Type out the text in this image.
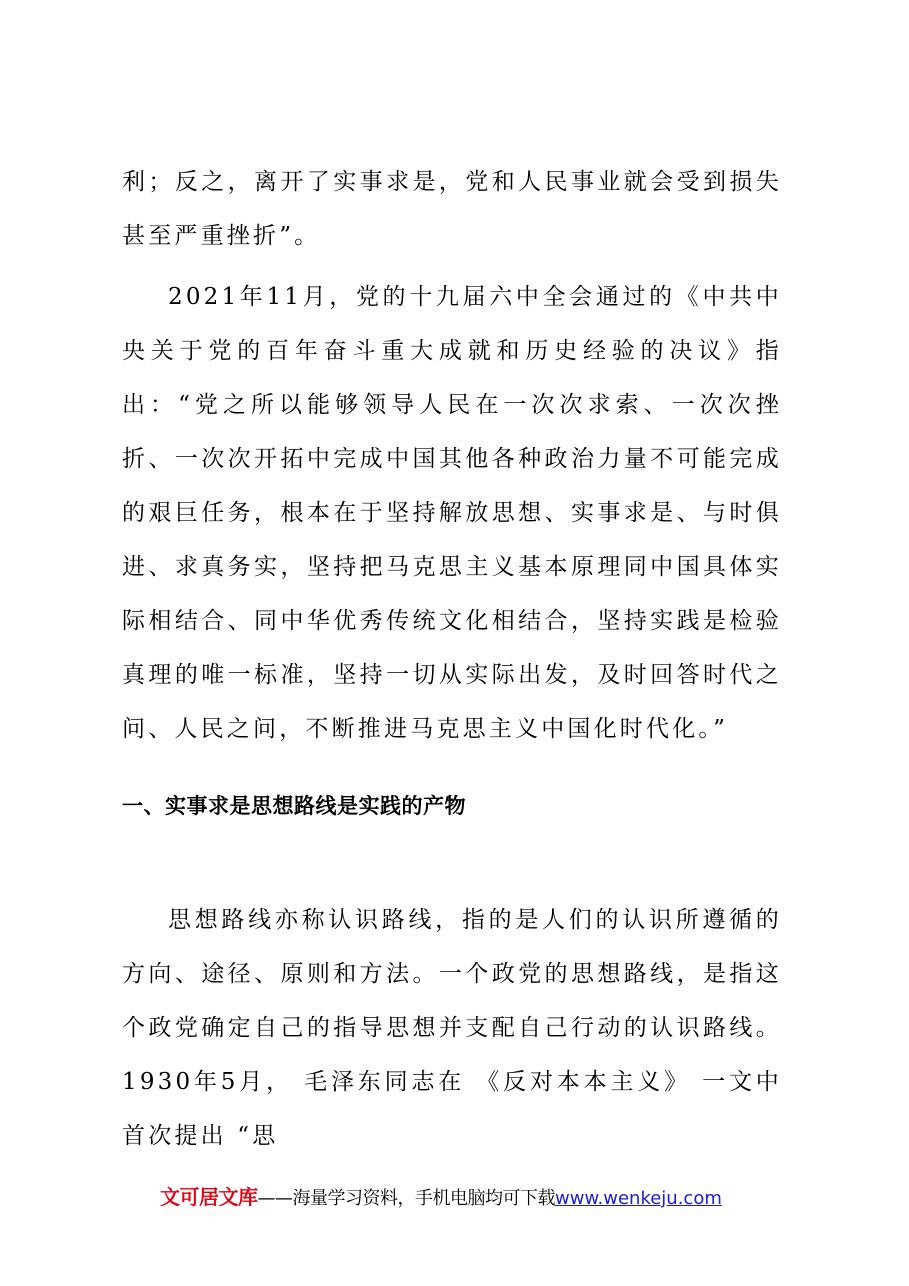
利；反之，离开了实事求是，党和人民事业就会受到损失甚至严重挫折”。

2021年11月，党的十九届六中全会通过的《中共中央关于党的百年奋斗重大成就和历史经验的决议》指出：“党之所以能够领导人民在一次次求索、一次次挫折、一次次开拓中完成中国其他各种政治力量不可能完成的艰巨任务，根本在于坚持解放思想、实事求是、与时俱进、求真务实，坚持把马克思主义基本原理同中国具体实际相结合、同中华优秀传统文化相结合，坚持实践是检验真理的唯一标准，坚持一切从实际出发，及时回答时代之问、人民之问，不断推进马克思主义中国化时代化。”

一、实事求是思想路线是实践的产物

思想路线亦称认识路线，指的是人们的认识所遵循的方向、途径、原则和方法。一个政党的思想路线，是指这个政党确定自己的指导思想并支配自己行动的认识路线。 1930年5月， 毛泽东同志在 《反对本本主义》 一文中首次提出 “思

文可居文库——海量学习资料，手机电脑均可下载www.wenkeju.com
